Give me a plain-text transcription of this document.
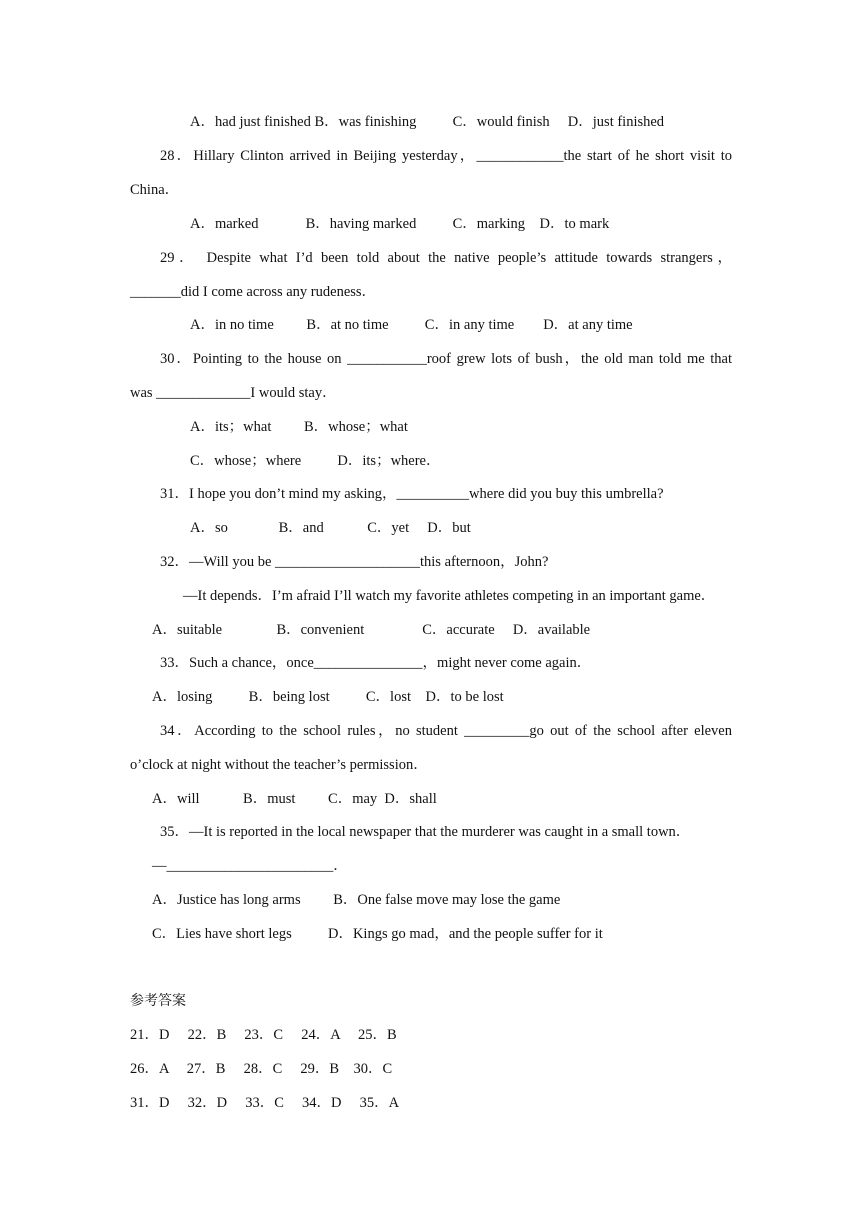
A．had just finished B．was finishing          C．would finish     D．just finished
28．Hillary Clinton arrived in Beijing yesterday，____________the start of he short visit to
China．
A．marked             B．having marked          C．marking    D．to mark
29． Despite what I’d been told about the native people’s attitude towards strangers，
_______did I come across any rudeness．
A．in no time         B．at no time          C．in any time        D．at any time
30．Pointing to the house on ___________roof grew lots of bush，the old man told me that
was _____________I would stay．
A．its；what         B．whose；what
C．whose；where          D．its；where．
31．I hope you don’t mind my asking，__________where did you buy this umbrella?
A．so              B．and            C．yet     D．but
32．—Will you be ____________________this afternoon，John?
—It depends．I’m afraid I’ll watch my favorite athletes competing in an important game．
A．suitable               B．convenient                C．accurate     D．available
33．Such a chance，once_______________，might never come again．
A．losing          B．being lost          C．lost    D．to be lost
34．According to the school rules，no student _________go out of the school after eleven
o’clock at night without the teacher’s permission．
A．will            B．must         C．may  D．shall
35．—It is reported in the local newspaper that the murderer was caught in a small town．
—_______________________．
A．Justice has long arms         B．One false move may lose the game
C．Lies have short legs          D．Kings go mad，and the people suffer for it
参考答案
21．D     22．B     23．C     24．A     25．B
26．A     27．B     28．C     29．B    30．C
31．D     32．D     33．C     34．D     35．A
